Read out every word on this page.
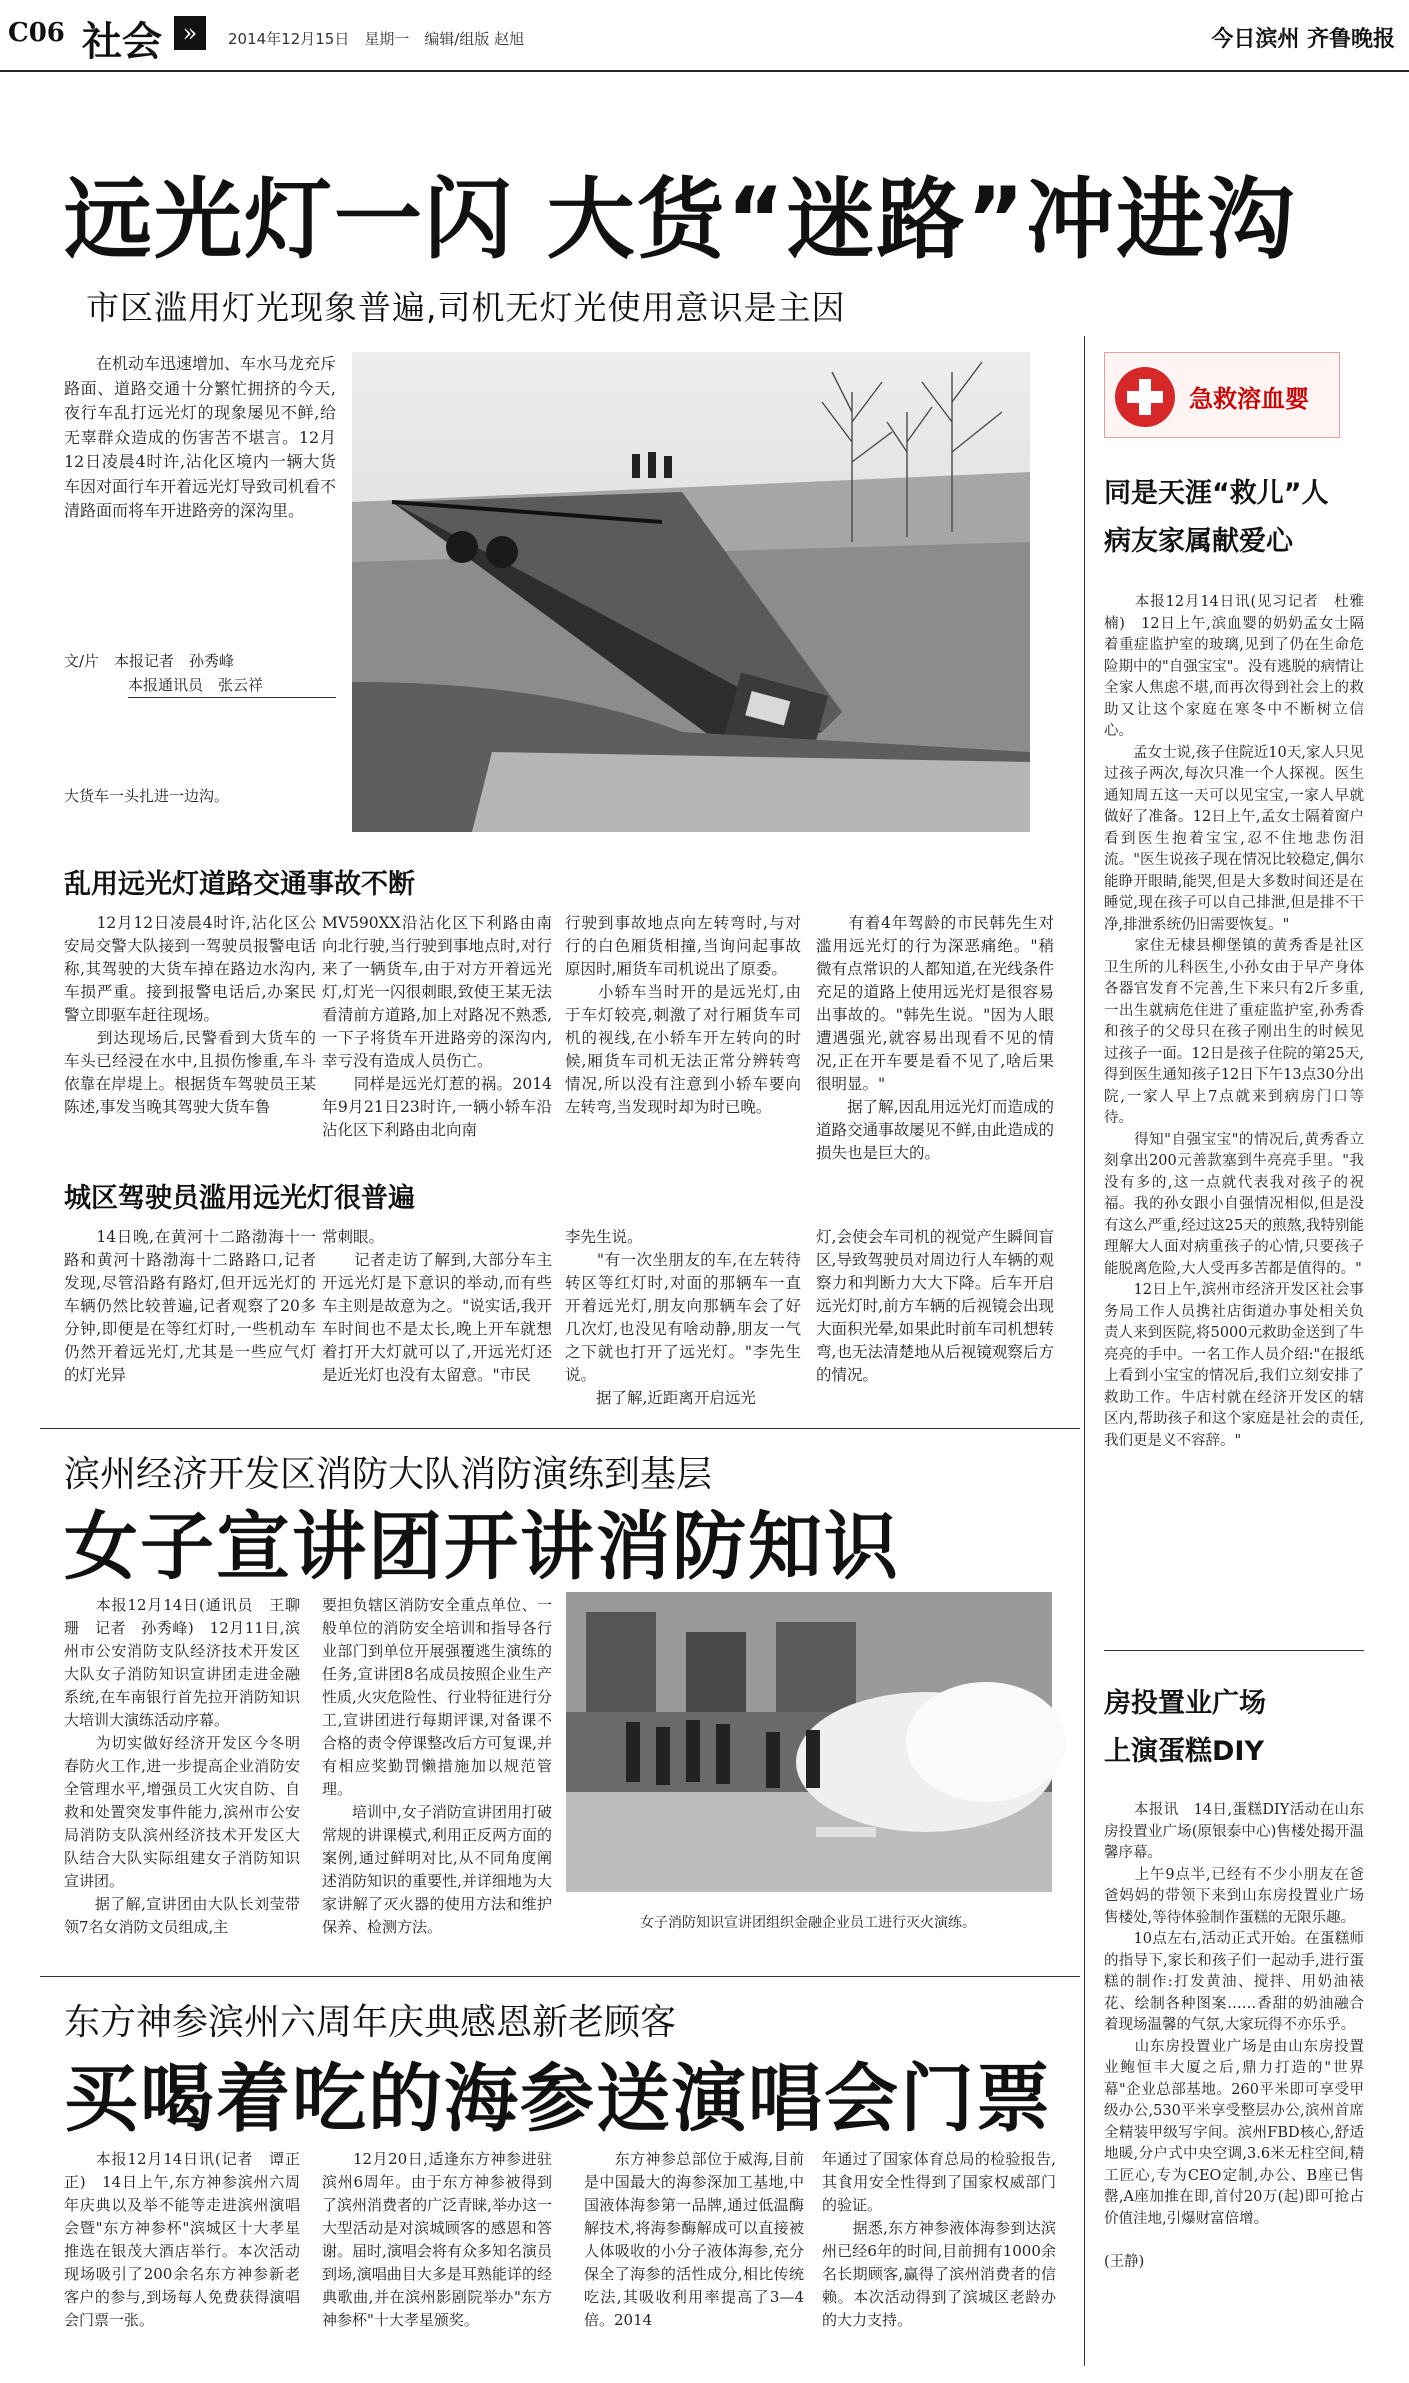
C06 社会 »	2014年12月15日　星期一　编辑/组版 赵旭	今日滨州 齐鲁晚报
远光灯一闪 大货“迷路”冲进沟
市区滥用灯光现象普遍,司机无灯光使用意识是主因
　　在机动车迅速增加、车水马龙充斥路面、道路交通十分繁忙拥挤的今天,夜行车乱打远光灯的现象屡见不鲜,给无辜群众造成的伤害苦不堪言。12月12日凌晨4时许,沾化区境内一辆大货车因对面行车开着远光灯导致司机看不清路面而将车开进路旁的深沟里。
文/片　本报记者　孙秀峰
本报通讯员　张云祥
大货车一头扎进一边沟。
乱用远光灯道路交通事故不断
　　12月12日凌晨4时许,沾化区公安局交警大队接到一驾驶员报警电话称,其驾驶的大货车掉在路边水沟内,车损严重。接到报警电话后,办案民警立即驱车赶往现场。
　　到达现场后,民警看到大货车的车头已经浸在水中,且损伤惨重,车斗依靠在岸堤上。根据货车驾驶员王某陈述,事发当晚其驾驶大货车鲁
MV590XX沿沾化区下利路由南向北行驶,当行驶到事地点时,对行来了一辆货车,由于对方开着远光灯,灯光一闪很刺眼,致使王某无法看清前方道路,加上对路况不熟悉,一下子将货车开进路旁的深沟内,幸亏没有造成人员伤亡。
　　同样是远光灯惹的祸。2014年9月21日23时许,一辆小轿车沿沾化区下利路由北向南
行驶到事故地点向左转弯时,与对行的白色厢货相撞,当询问起事故原因时,厢货车司机说出了原委。
　　小轿车当时开的是远光灯,由于车灯较亮,刺激了对行厢货车司机的视线,在小轿车开左转向的时候,厢货车司机无法正常分辨转弯情况,所以没有注意到小轿车要向左转弯,当发现时却为时已晚。
　　有着4年驾龄的市民韩先生对滥用远光灯的行为深恶痛绝。"稍微有点常识的人都知道,在光线条件充足的道路上使用远光灯是很容易出事故的。"韩先生说。"因为人眼遭遇强光,就容易出现看不见的情况,正在开车要是看不见了,啥后果很明显。"
　　据了解,因乱用远光灯而造成的道路交通事故屡见不鲜,由此造成的损失也是巨大的。
城区驾驶员滥用远光灯很普遍
　　14日晚,在黄河十二路渤海十一路和黄河十路渤海十二路路口,记者发现,尽管沿路有路灯,但开远光灯的车辆仍然比较普遍,记者观察了20多分钟,即便是在等红灯时,一些机动车仍然开着远光灯,尤其是一些应气灯的灯光异
常刺眼。
　　记者走访了解到,大部分车主开远光灯是下意识的举动,而有些车主则是故意为之。"说实话,我开车时间也不是太长,晚上开车就想着打开大灯就可以了,开远光灯还是近光灯也没有太留意。"市民
李先生说。
　　"有一次坐朋友的车,在左转待转区等红灯时,对面的那辆车一直开着远光灯,朋友向那辆车会了好几次灯,也没见有啥动静,朋友一气之下就也打开了远光灯。"李先生说。
　　据了解,近距离开启远光
灯,会使会车司机的视觉产生瞬间盲区,导致驾驶员对周边行人车辆的观察力和判断力大大下降。后车开启远光灯时,前方车辆的后视镜会出现大面积光晕,如果此时前车司机想转弯,也无法清楚地从后视镜观察后方的情况。
滨州经济开发区消防大队消防演练到基层
女子宣讲团开讲消防知识
　　本报12月14日(通讯员　王聊珊　记者　孙秀峰)　12月11日,滨州市公安消防支队经济技术开发区大队女子消防知识宣讲团走进金融系统,在车南银行首先拉开消防知识大培训大演练活动序幕。
　　为切实做好经济开发区今冬明春防火工作,进一步提高企业消防安全管理水平,增强员工火灾自防、自救和处置突发事件能力,滨州市公安局消防支队滨州经济技术开发区大队结合大队实际组建女子消防知识宣讲团。
　　据了解,宣讲团由大队长刘莹带领7名女消防文员组成,主
要担负辖区消防安全重点单位、一般单位的消防安全培训和指导各行业部门到单位开展强覆逃生演练的任务,宣讲团8名成员按照企业生产性质,火灾危险性、行业特征进行分工,宣讲团进行每期评课,对备课不合格的责令停课整改后方可复课,并有相应奖勤罚懒措施加以规范管理。
　　培训中,女子消防宣讲团用打破常规的讲课模式,利用正反两方面的案例,通过鲜明对比,从不同角度阐述消防知识的重要性,并详细地为大家讲解了灭火器的使用方法和维护保养、检测方法。	女子消防知识宣讲团组织金融企业员工进行灭火演练。
东方神参滨州六周年庆典感恩新老顾客
买喝着吃的海参送演唱会门票
　　本报12月14日讯(记者　谭正正)　14日上午,东方神参滨州六周年庆典以及举不能等走进滨州演唱会暨"东方神参杯"滨城区十大孝星推选在银茂大酒店举行。本次活动现场吸引了200余名东方神参新老客户的参与,到场每人免费获得演唱会门票一张。
　　12月20日,适逢东方神参进驻滨州6周年。由于东方神参被得到了滨州消费者的广泛青睐,举办这一大型活动是对滨城顾客的感恩和答谢。届时,演唱会将有众多知名演员到场,演唱曲目大多是耳熟能详的经典歌曲,并在滨州影剧院举办"东方神参杯"十大孝星颁奖。
　　东方神参总部位于威海,目前是中国最大的海参深加工基地,中国液体海参第一品牌,通过低温酶解技术,将海参酶解成可以直接被人体吸收的小分子液体海参,充分保全了海参的活性成分,相比传统吃法,其吸收利用率提高了3—4倍。2014
年通过了国家体育总局的检验报告,其食用安全性得到了国家权威部门的验证。
　　据悉,东方神参液体海参到达滨州已经6年的时间,目前拥有1000余名长期顾客,赢得了滨州消费者的信赖。本次活动得到了滨城区老龄办的大力支持。
急救溶血婴
同是天涯“救儿”人
病友家属献爱心
　　本报12月14日讯(见习记者　杜雅楠)　12日上午,滨血婴的奶奶孟女士隔着重症监护室的玻璃,见到了仍在生命危险期中的"自强宝宝"。没有逃脱的病情让全家人焦虑不堪,而再次得到社会上的救助又让这个家庭在寒冬中不断树立信心。
　　孟女士说,孩子住院近10天,家人只见过孩子两次,每次只准一个人探视。医生通知周五这一天可以见宝宝,一家人早就做好了准备。12日上午,孟女士隔着窗户看到医生抱着宝宝,忍不住地悲伤泪流。"医生说孩子现在情况比较稳定,偶尔能睁开眼睛,能哭,但是大多数时间还是在睡觉,现在孩子可以自己排泄,但是排不干净,排泄系统仍旧需要恢复。"
　　家住无棣县柳堡镇的黄秀香是社区卫生所的儿科医生,小孙女由于早产身体各器官发育不完善,生下来只有2斤多重,一出生就病危住进了重症监护室,孙秀香和孩子的父母只在孩子刚出生的时候见过孩子一面。12日是孩子住院的第25天,得到医生通知孩子12日下午13点30分出院,一家人早上7点就来到病房门口等待。
　　得知"自强宝宝"的情况后,黄秀香立刻拿出200元善款塞到牛亮亮手里。"我没有多的,这一点就代表我对孩子的祝福。我的孙女跟小自强情况相似,但是没有这么严重,经过这25天的煎熬,我特别能理解大人面对病重孩子的心情,只要孩子能脱离危险,大人受再多苦都是值得的。"
　　12日上午,滨州市经济开发区社会事务局工作人员携社店街道办事处相关负责人来到医院,将5000元救助金送到了牛亮亮的手中。一名工作人员介绍:"在报纸上看到小宝宝的情况后,我们立刻安排了救助工作。牛店村就在经济开发区的辖区内,帮助孩子和这个家庭是社会的责任,我们更是义不容辞。"
房投置业广场
上演蛋糕DIY
　　本报讯　14日,蛋糕DIY活动在山东房投置业广场(原银泰中心)售楼处揭开温馨序幕。
　　上午9点半,已经有不少小朋友在爸爸妈妈的带领下来到山东房投置业广场售楼处,等待体验制作蛋糕的无限乐趣。
　　10点左右,活动正式开始。在蛋糕师的指导下,家长和孩子们一起动手,进行蛋糕的制作:打发黄油、搅拌、用奶油裱花、绘制各种图案……香甜的奶油融合着现场温馨的气氛,大家玩得不亦乐乎。
　　山东房投置业广场是由山东房投置业鲍恒丰大厦之后,鼎力打造的"世界幕"企业总部基地。260平米即可享受甲级办公,530平米享受整层办公,滨州首席全精装甲级写字间。滨州FBD核心,舒适地暖,分户式中央空调,3.6米无柱空间,精工匠心,专为CEO定制,办公、B座已售罄,A座加推在即,首付20万(起)即可抢占价值洼地,引爆财富倍增。
　　　　　　　　　　　　　　　　　(王静)
